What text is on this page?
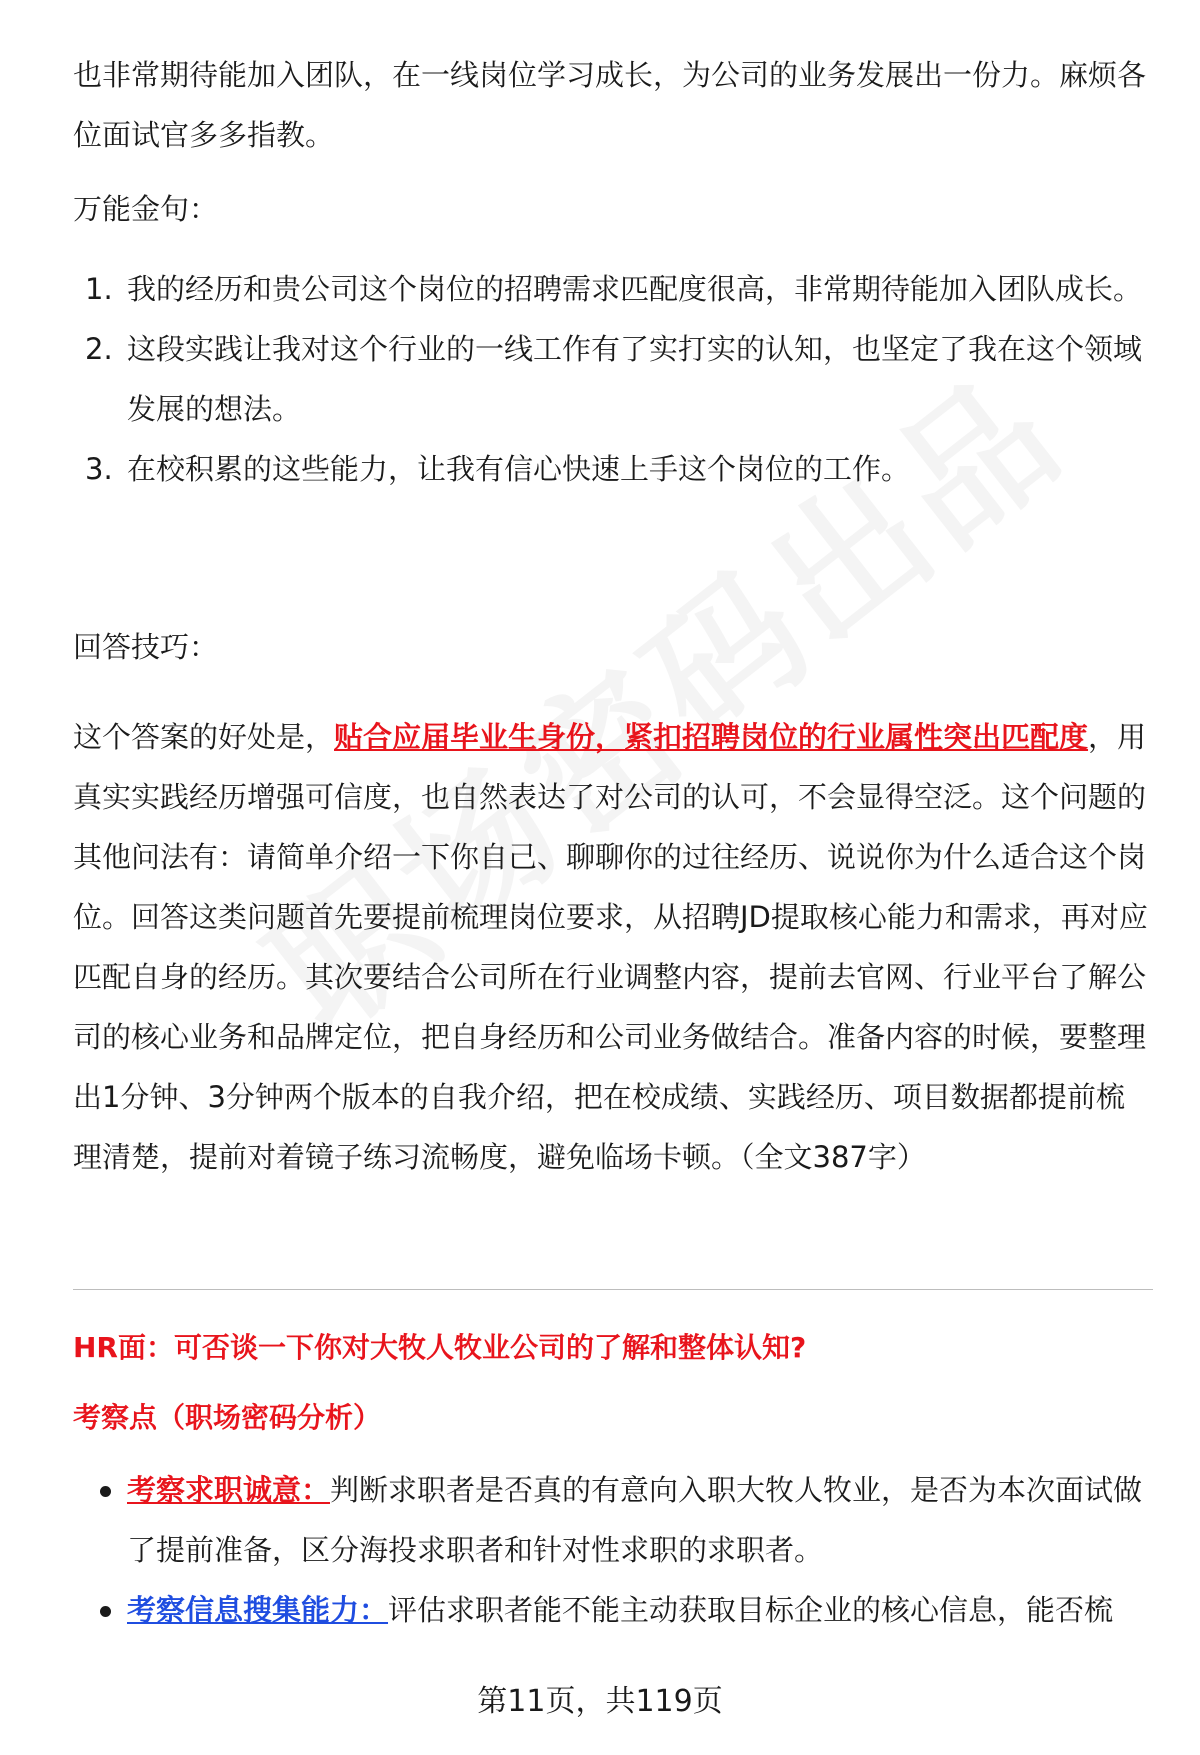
也非常期待能加入团队，在一线岗位学习成长，为公司的业务发展出一份力。麻烦各位面试官多多指教。

万能金句：

1. 我的经历和贵公司这个岗位的招聘需求匹配度很高，非常期待能加入团队成长。
2. 这段实践让我对这个行业的一线工作有了实打实的认知，也坚定了我在这个领域发展的想法。
3. 在校积累的这些能力，让我有信心快速上手这个岗位的工作。

回答技巧：

这个答案的好处是，贴合应届毕业生身份，紧扣招聘岗位的行业属性突出匹配度，用真实实践经历增强可信度，也自然表达了对公司的认可，不会显得空泛。这个问题的其他问法有：请简单介绍一下你自己、聊聊你的过往经历、说说你为什么适合这个岗位。回答这类问题首先要提前梳理岗位要求，从招聘JD提取核心能力和需求，再对应匹配自身的经历。其次要结合公司所在行业调整内容，提前去官网、行业平台了解公司的核心业务和品牌定位，把自身经历和公司业务做结合。准备内容的时候，要整理出1分钟、3分钟两个版本的自我介绍，把在校成绩、实践经历、项目数据都提前梳理清楚，提前对着镜子练习流畅度，避免临场卡顿。（全文387字）

HR面：可否谈一下你对大牧人牧业公司的了解和整体认知?
考察点（职场密码分析）
考察求职诚意：判断求职者是否真的有意向入职大牧人牧业，是否为本次面试做了提前准备，区分海投求职者和针对性求职的求职者。
考察信息搜集能力：评估求职者能不能主动获取目标企业的核心信息，能否梳
第11页，共119页
